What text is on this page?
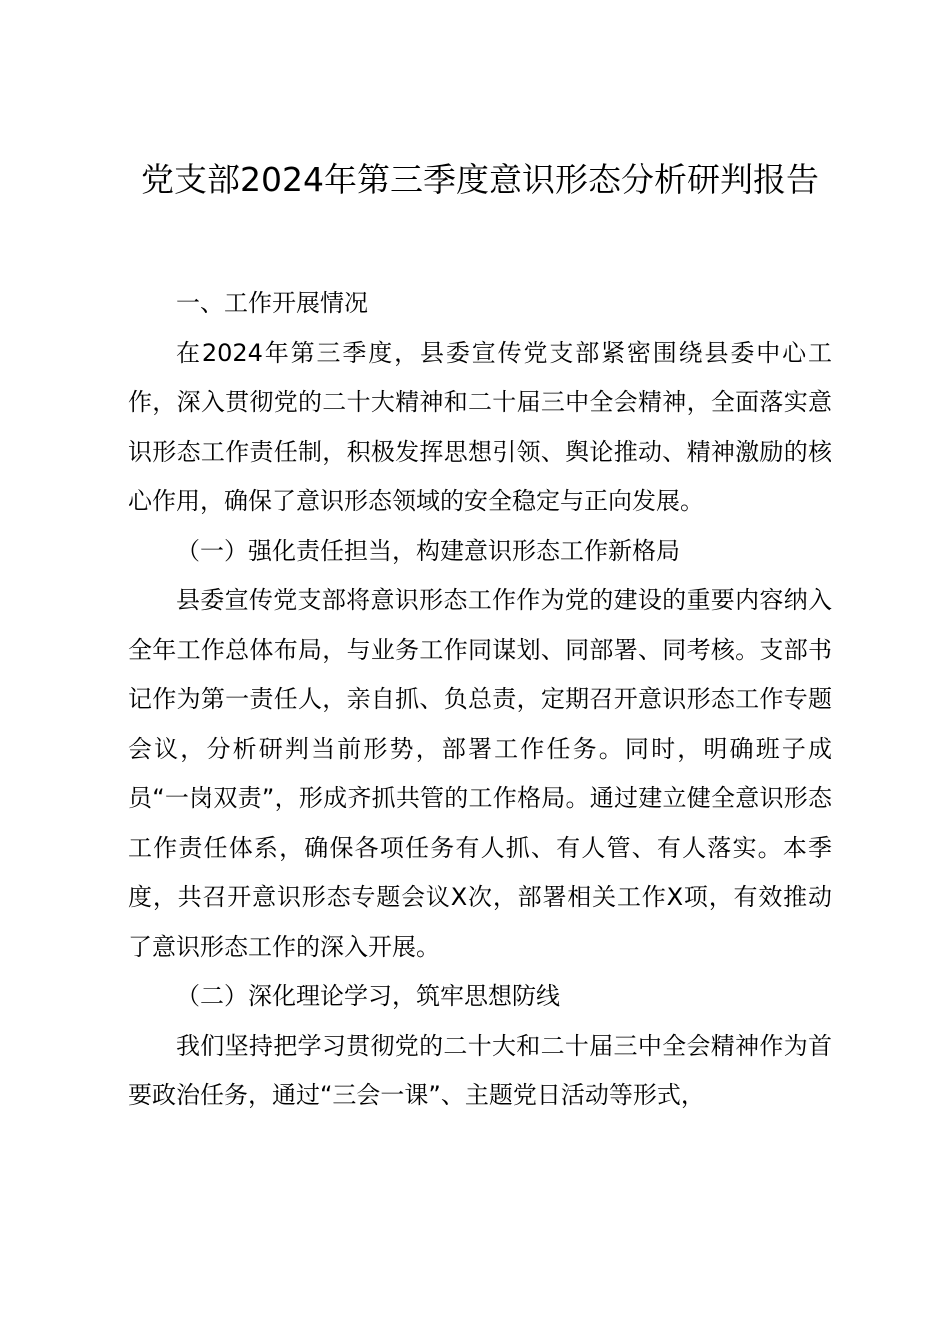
党支部2024年第三季度意识形态分析研判报告

一、工作开展情况

在2024年第三季度，县委宣传党支部紧密围绕县委中心工作，深入贯彻党的二十大精神和二十届三中全会精神，全面落实意识形态工作责任制，积极发挥思想引领、舆论推动、精神激励的核心作用，确保了意识形态领域的安全稳定与正向发展。

（一）强化责任担当，构建意识形态工作新格局

县委宣传党支部将意识形态工作作为党的建设的重要内容纳入全年工作总体布局，与业务工作同谋划、同部署、同考核。支部书记作为第一责任人，亲自抓、负总责，定期召开意识形态工作专题会议，分析研判当前形势，部署工作任务。同时，明确班子成员“一岗双责”，形成齐抓共管的工作格局。通过建立健全意识形态工作责任体系，确保各项任务有人抓、有人管、有人落实。本季度，共召开意识形态专题会议X次，部署相关工作X项，有效推动了意识形态工作的深入开展。

（二）深化理论学习，筑牢思想防线

我们坚持把学习贯彻党的二十大和二十届三中全会精神作为首要政治任务，通过“三会一课”、主题党日活动等形式，
